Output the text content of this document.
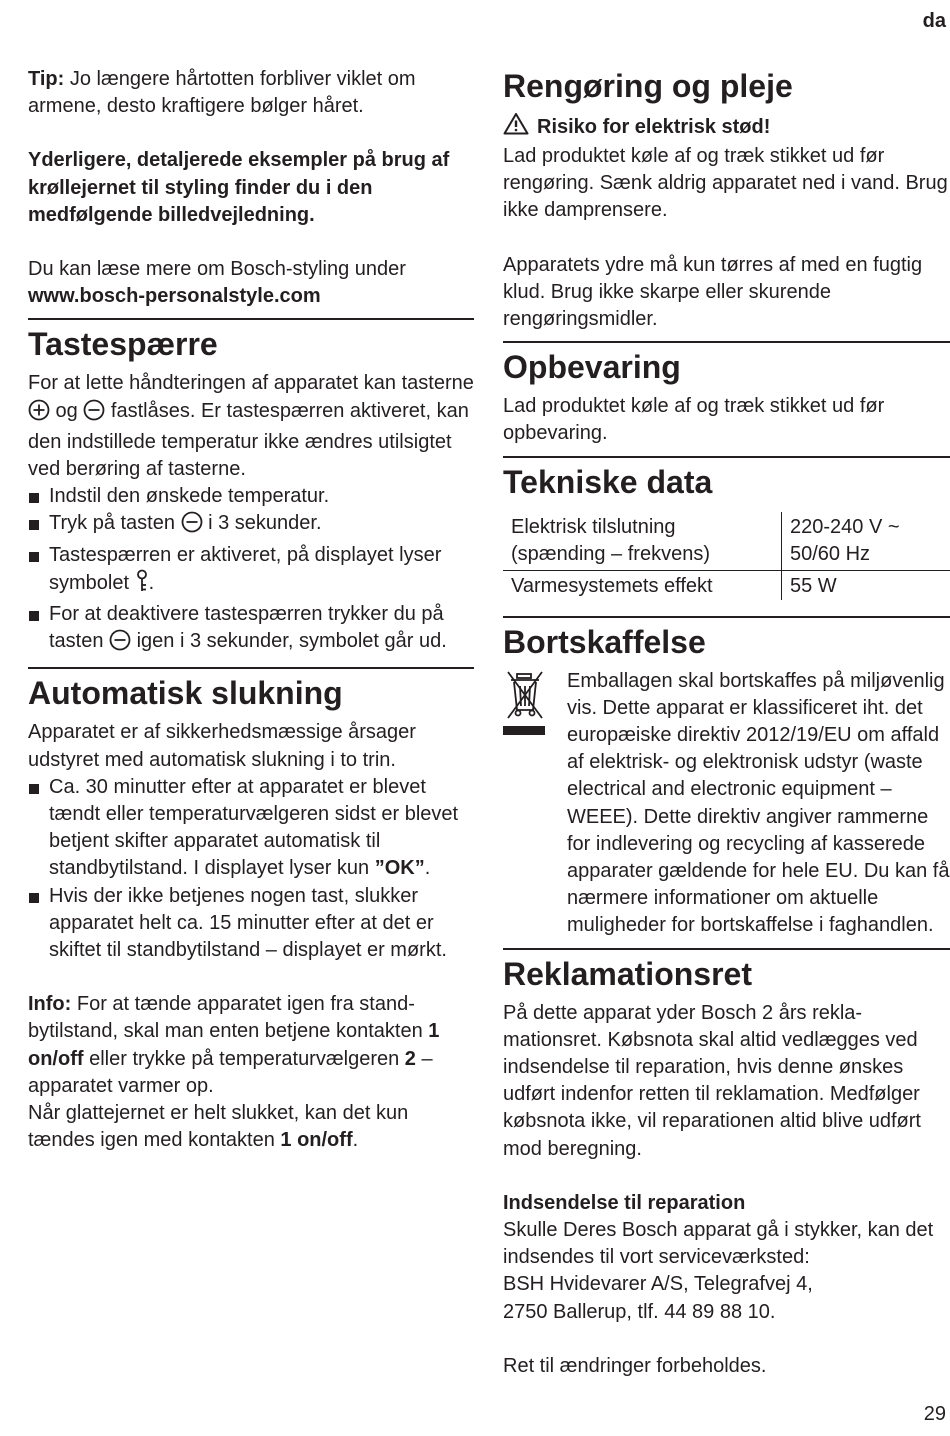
da

Tip: Jo længere hårtotten forbliver viklet om armene, desto kraftigere bølger håret.

Yderligere, detaljerede eksempler på brug af krøllejernet til styling finder du i den medfølgende billedvejledning.

Du kan læse mere om Bosch-styling under
www.bosch-personalstyle.com

Tastespærre

For at lette håndteringen af apparatet kan tasterne  og  fastlåses. Er tastespærren aktiveret, kan den indstillede temperatur ikke ændres utilsigtet ved berøring af tasterne.

Indstil den ønskede temperatur.
Tryk på tasten  i 3 sekunder.
Tastespærren er aktiveret, på displayet lyser symbolet .
For at deaktivere tastespærren trykker du på tasten  igen i 3 sekunder, symbolet går ud.
Automatisk slukning

Apparatet er af sikkerhedsmæssige årsager udstyret med automatisk slukning i to trin.

Ca. 30 minutter efter at apparatet er blevet tændt eller temperaturvælgeren sidst er blevet betjent skifter apparatet automatisk til standbytilstand. I displayet lyser kun ”OK”.
Hvis der ikke betjenes nogen tast, slukker apparatet helt ca. 15 minutter efter at det er skiftet til standbytilstand – displayet er mørkt.

Info: For at tænde apparatet igen fra standbytilstand, skal man enten betjene kontakten 1 on/off eller trykke på temperaturvælgeren 2 – apparatet varmer op.
Når glattejernet er helt slukket, kan det kun tændes igen med kontakten 1 on/off.

Rengøring og pleje
Risiko for elektrisk stød!

Lad produktet køle af og træk stikket ud før rengøring. Sænk aldrig apparatet ned i vand. Brug ikke damprensere.

Apparatets ydre må kun tørres af med en fugtig klud. Brug ikke skarpe eller skurende rengøringsmidler.

Opbevaring

Lad produktet køle af og træk stikket ud før opbevaring.

Tekniske data
Elektrisk tilslutning (spænding – frekvens)	220-240 V ~ 50/60 Hz
Varmesystemets effekt	55 W
Bortskaffelse

Emballagen skal bortskaffes på miljøvenlig vis. Dette apparat er klassificeret iht. det europæiske direktiv 2012/19/EU om affald af elektrisk- og elektronisk udstyr (waste electrical and electronic equipment – WEEE). Dette direktiv angiver rammerne for indlevering og recycling af kasserede apparater gældende for hele EU. Du kan få nærmere informationer om aktuelle muligheder for bortskaffelse i faghandlen.

Reklamationsret

På dette apparat yder Bosch 2 års reklamationsret. Købsnota skal altid vedlægges ved indsendelse til reparation, hvis denne ønskes udført indenfor retten til reklamation. Medfølger købsnota ikke, vil reparationen altid blive udført mod beregning.

Indsendelse til reparation

Skulle Deres Bosch apparat gå i stykker, kan det indsendes til vort serviceværksted:

BSH Hvidevarer A/S, Telegrafvej 4,

2750 Ballerup, tlf. 44 89 88 10.

Ret til ændringer forbeholdes.

29
